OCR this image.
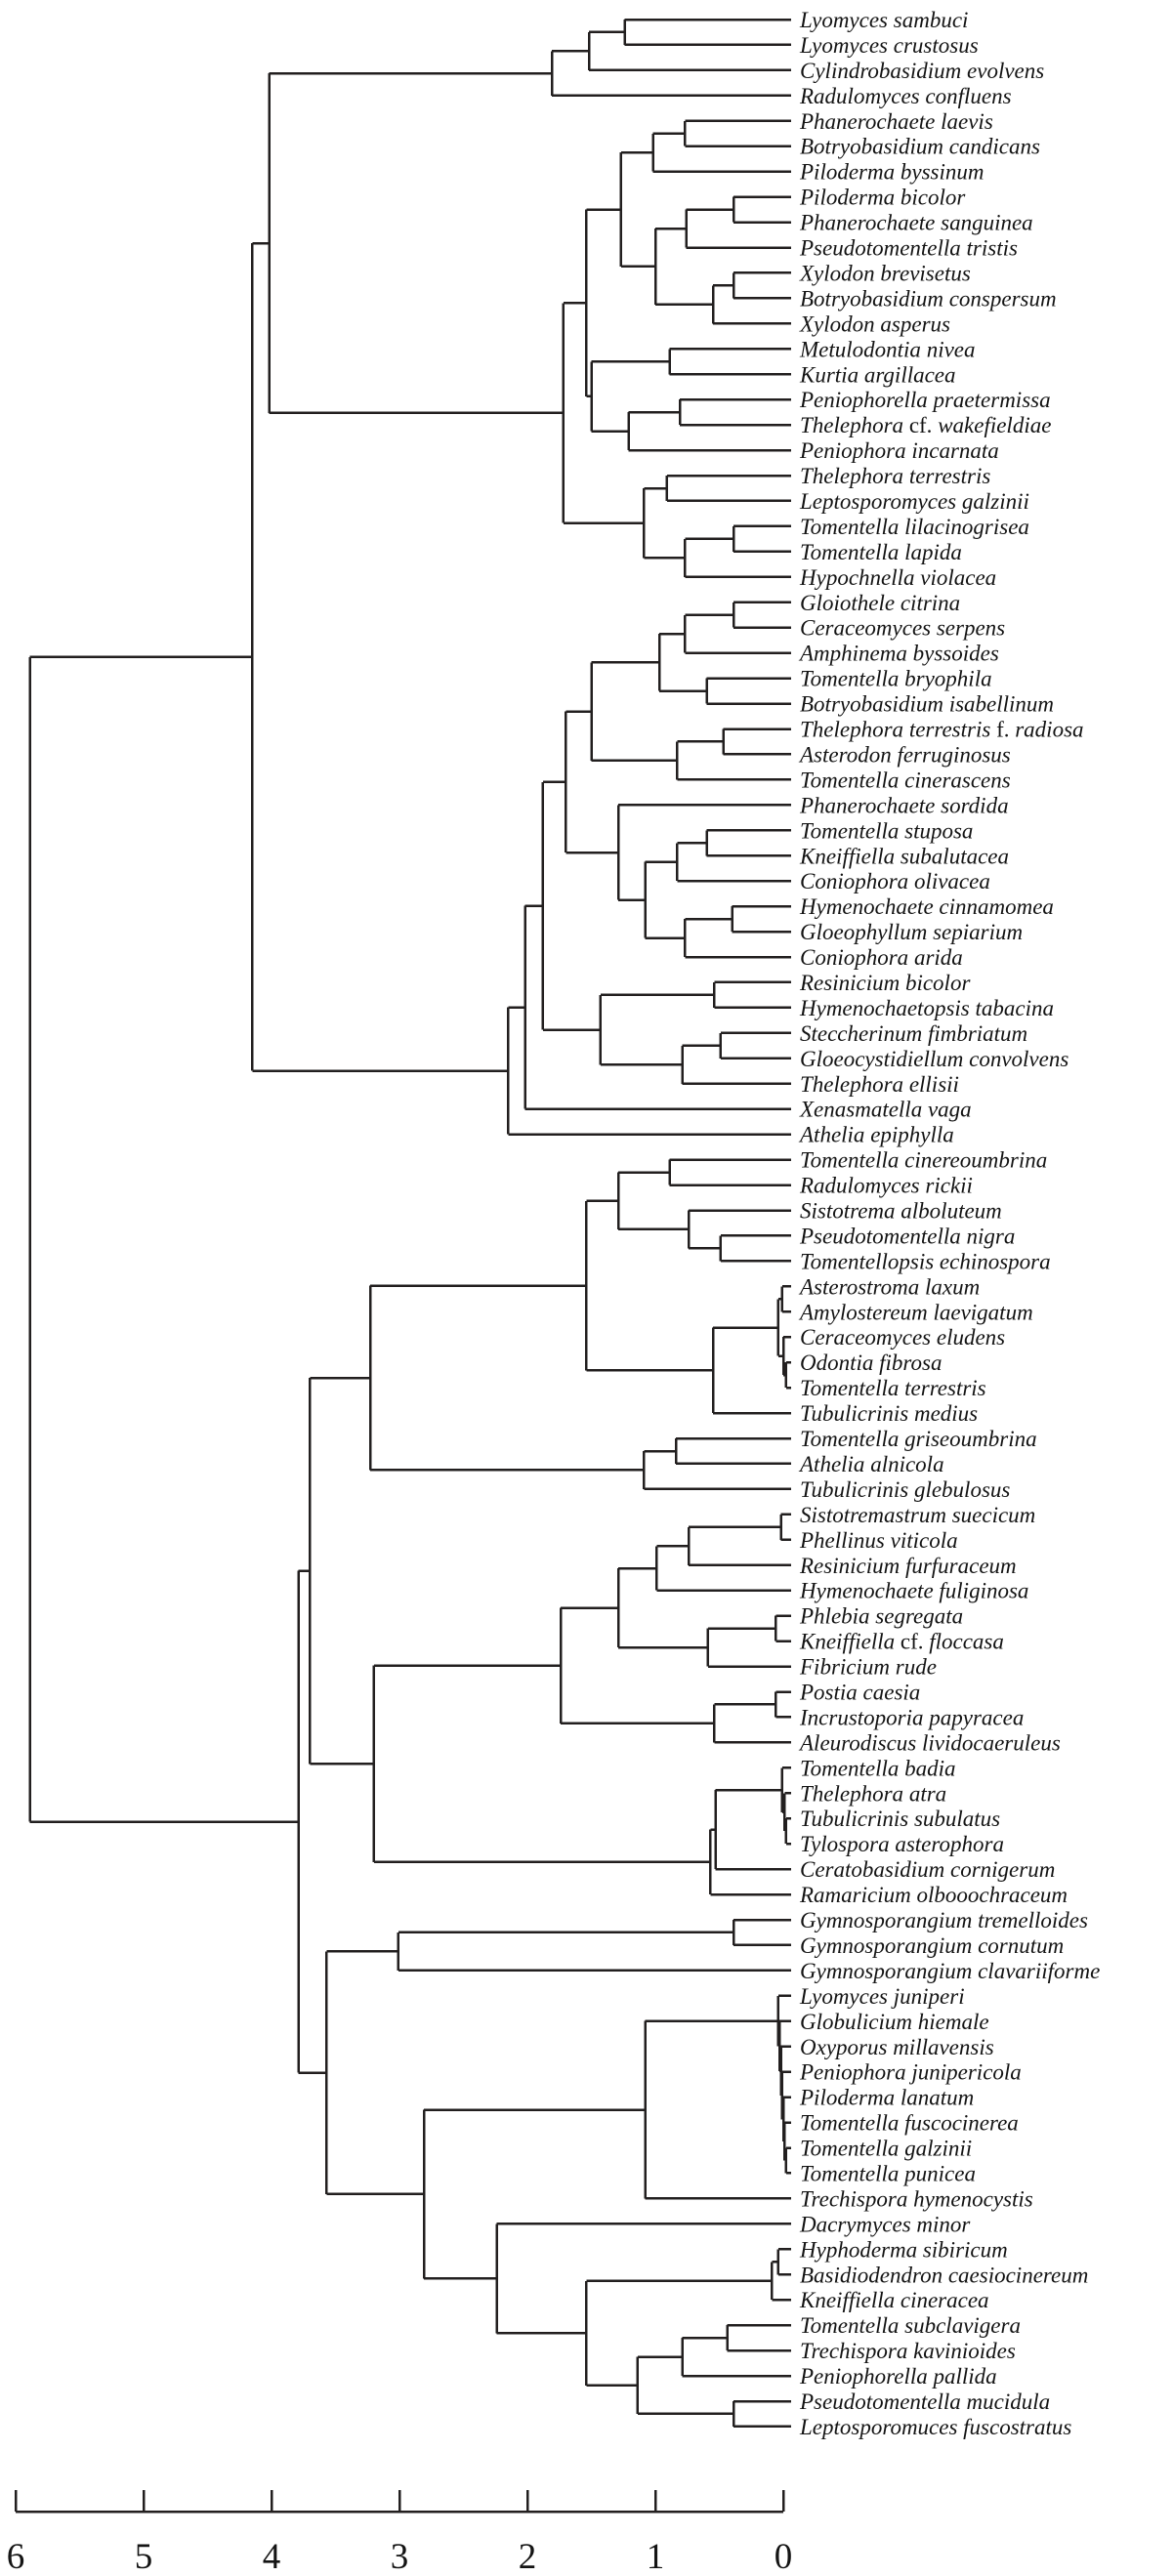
Lyomyces sambuci
Lyomyces crustosus
Cylindrobasidium evolvens
Radulomyces confluens
Phanerochaete laevis
Botryobasidium candicans
Piloderma byssinum
Piloderma bicolor
Phanerochaete sanguinea
Pseudotomentella tristis
Xylodon brevisetus
Botryobasidium conspersum
Xylodon asperus
Metulodontia nivea
Kurtia argillacea
Peniophorella praetermissa
Thelephora cf. wakefieldiae
Peniophora incarnata
Thelephora terrestris
Leptosporomyces galzinii
Tomentella lilacinogrisea
Tomentella lapida
Hypochnella violacea
Gloiothele citrina
Ceraceomyces serpens
Amphinema byssoides
Tomentella bryophila
Botryobasidium isabellinum
Thelephora terrestris f. radiosa
Asterodon ferruginosus
Tomentella cinerascens
Phanerochaete sordida
Tomentella stuposa
Kneiffiella subalutacea
Coniophora olivacea
Hymenochaete cinnamomea
Gloeophyllum sepiarium
Coniophora arida
Resinicium bicolor
Hymenochaetopsis tabacina
Steccherinum fimbriatum
Gloeocystidiellum convolvens
Thelephora ellisii
Xenasmatella vaga
Athelia epiphylla
Tomentella cinereoumbrina
Radulomyces rickii
Sistotrema alboluteum
Pseudotomentella nigra
Tomentellopsis echinospora
Asterostroma laxum
Amylostereum laevigatum
Ceraceomyces eludens
Odontia fibrosa
Tomentella terrestris
Tubulicrinis medius
Tomentella griseoumbrina
Athelia alnicola
Tubulicrinis glebulosus
Sistotremastrum suecicum
Phellinus viticola
Resinicium furfuraceum
Hymenochaete fuliginosa
Phlebia segregata
Kneiffiella cf. floccasa
Fibricium rude
Postia caesia
Incrustoporia papyracea
Aleurodiscus lividocaeruleus
Tomentella badia
Thelephora atra
Tubulicrinis subulatus
Tylospora asterophora
Ceratobasidium cornigerum
Ramaricium olbooochraceum
Gymnosporangium tremelloides
Gymnosporangium cornutum
Gymnosporangium clavariiforme
Lyomyces juniperi
Globulicium hiemale
Oxyporus millavensis
Peniophora junipericola
Piloderma lanatum
Tomentella fuscocinerea
Tomentella galzinii
Tomentella punicea
Trechispora hymenocystis
Dacrymyces minor
Hyphoderma sibiricum
Basidiodendron caesiocinereum
Kneiffiella cineracea
Tomentella subclavigera
Trechispora kavinioides
Peniophorella pallida
Pseudotomentella mucidula
Leptosporomuces fuscostratus
6	5	4	3	2	1	0
